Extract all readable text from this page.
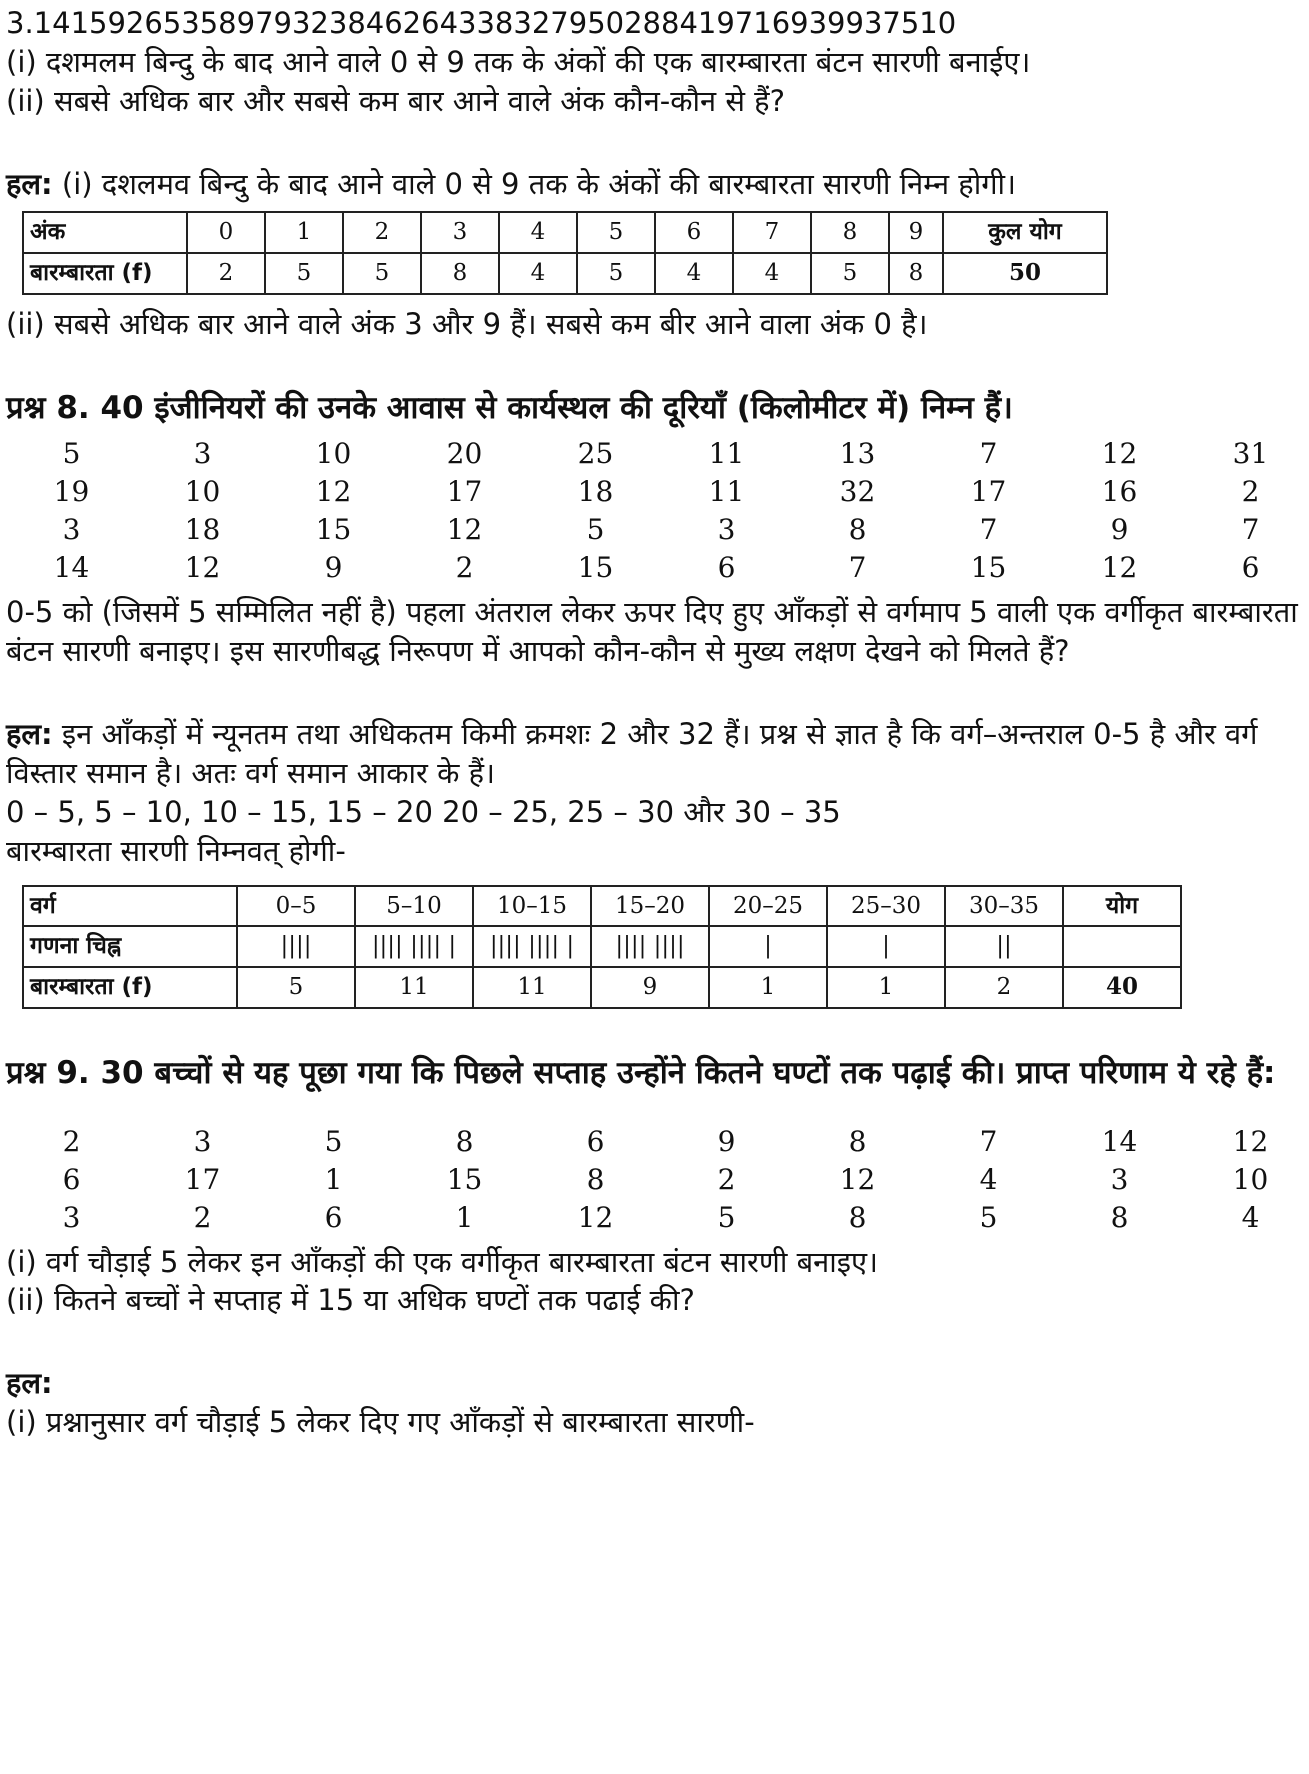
3.14159265358979323846264338327950288419716939937510

(i) दशमलम बिन्दु के बाद आने वाले 0 से 9 तक के अंकों की एक बारम्बारता बंटन सारणी बनाईए।

(ii) सबसे अधिक बार और सबसे कम बार आने वाले अंक कौन-कौन से हैं?

हल: (i) दशलमव बिन्दु के बाद आने वाले 0 से 9 तक के अंकों की बारम्बारता सारणी निम्न होगी।

अंक	0	1	2	3	4	5	6	7	8	9	कुल योग
बारम्बारता (f)	2	5	5	8	4	5	4	4	5	8	50

(ii) सबसे अधिक बार आने वाले अंक 3 और 9 हैं। सबसे कम बीर आने वाला अंक 0 है।

प्रश्न 8. 40 इंजीनियरों की उनके आवास से कार्यस्थल की दूरियाँ (किलोमीटर में) निम्न हैं।

5	3	10	20	25	11	13	7	12	31
19	10	12	17	18	11	32	17	16	2
3	18	15	12	5	3	8	7	9	7
14	12	9	2	15	6	7	15	12	6

0-5 को (जिसमें 5 सम्मिलित नहीं है) पहला अंतराल लेकर ऊपर दिए हुए आँकड़ों से वर्गमाप 5 वाली एक वर्गीकृत बारम्बारता बंटन सारणी बनाइए। इस सारणीबद्ध निरूपण में आपको कौन-कौन से मुख्य लक्षण देखने को मिलते हैं?

हल: इन आँकड़ों में न्यूनतम तथा अधिकतम किमी क्रमशः 2 और 32 हैं। प्रश्न से ज्ञात है कि वर्ग–अन्तराल 0-5 है और वर्ग

विस्तार समान है। अतः वर्ग समान आकार के हैं।

0 – 5, 5 – 10, 10 – 15, 15 – 20 20 – 25, 25 – 30 और 30 – 35

बारम्बारता सारणी निम्नवत् होगी-

वर्ग	0–5	5–10	10–15	15–20	20–25	25–30	30–35	योग
गणना चिह्न	||||	|||| |||| |	|||| |||| |	|||| ||||	|	|	||	
बारम्बारता (f)	5	11	11	9	1	1	2	40

प्रश्न 9. 30 बच्चों से यह पूछा गया कि पिछले सप्ताह उन्होंने कितने घण्टों तक पढ़ाई की। प्राप्त परिणाम ये रहे हैं:

2	3	5	8	6	9	8	7	14	12
6	17	1	15	8	2	12	4	3	10
3	2	6	1	12	5	8	5	8	4

(i) वर्ग चौड़ाई 5 लेकर इन आँकड़ों की एक वर्गीकृत बारम्बारता बंटन सारणी बनाइए।

(ii) कितने बच्चों ने सप्ताह में 15 या अधिक घण्टों तक पढाई की?

हल:

(i) प्रश्नानुसार वर्ग चौड़ाई 5 लेकर दिए गए आँकड़ों से बारम्बारता सारणी-
